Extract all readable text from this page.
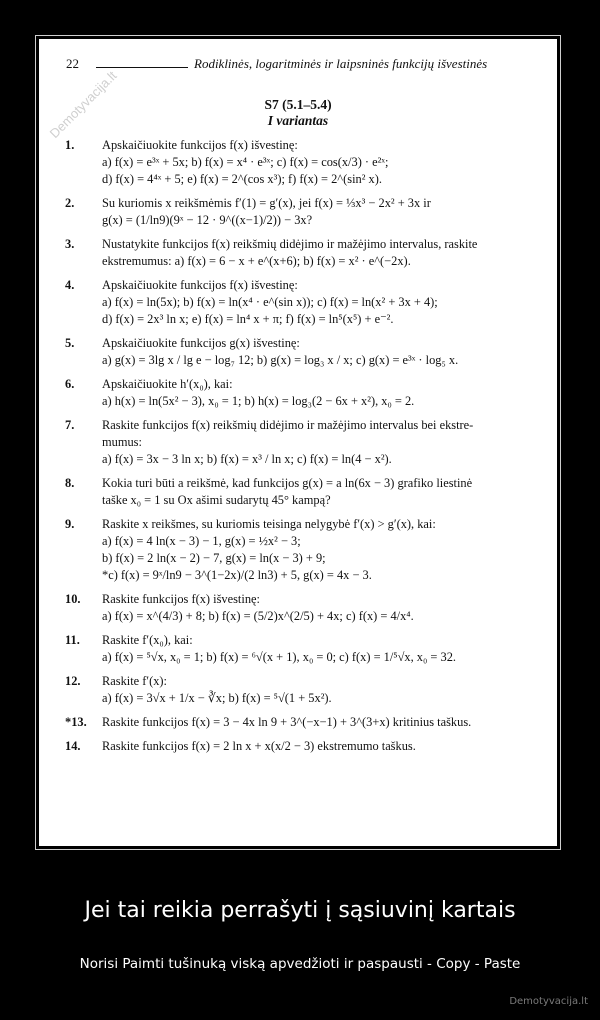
Demotyvacija.lt
22	Rodiklinės, logaritminės ir laipsninės funkcijų išvestinės
S7 (5.1–5.4)
I variantas
1.	Apskaičiuokite funkcijos f(x) išvestinę:
a) f(x) = e³ˣ + 5x; b) f(x) = x⁴ · e³ˣ; c) f(x) = cos(x/3) · e²ˣ;
d) f(x) = 4⁴ˣ + 5; e) f(x) = 2^(cos x³); f) f(x) = 2^(sin² x).
2.	Su kuriomis x reikšmėmis f′(1) = g′(x), jei f(x) = ⅓x³ − 2x² + 3x ir
g(x) = (1/ln9)(9ˣ − 12 · 9^((x−1)/2)) − 3x?
3.	Nustatykite funkcijos f(x) reikšmių didėjimo ir mažėjimo intervalus, raskite
ekstremumus: a) f(x) = 6 − x + e^(x+6); b) f(x) = x² · e^(−2x).
4.	Apskaičiuokite funkcijos f(x) išvestinę:
a) f(x) = ln(5x); b) f(x) = ln(x⁴ · e^(sin x)); c) f(x) = ln(x² + 3x + 4);
d) f(x) = 2x³ ln x; e) f(x) = ln⁴ x + π; f) f(x) = ln⁵(x⁵) + e⁻².
5.	Apskaičiuokite funkcijos g(x) išvestinę:
a) g(x) = 3lg x / lg e − log₇ 12; b) g(x) = log₃ x / x; c) g(x) = e³ˣ · log₅ x.
6.	Apskaičiuokite h′(x₀), kai:
a) h(x) = ln(5x² − 3), x₀ = 1; b) h(x) = log₃(2 − 6x + x²), x₀ = 2.
7.	Raskite funkcijos f(x) reikšmių didėjimo ir mažėjimo intervalus bei ekstre-
mumus:
a) f(x) = 3x − 3 ln x; b) f(x) = x³ / ln x; c) f(x) = ln(4 − x²).
8.	Kokia turi būti a reikšmė, kad funkcijos g(x) = a ln(6x − 3) grafiko liestinė
taške x₀ = 1 su Ox ašimi sudarytų 45° kampą?
9.	Raskite x reikšmes, su kuriomis teisinga nelygybė f′(x) > g′(x), kai:
a) f(x) = 4 ln(x − 3) − 1, g(x) = ½x² − 3;
b) f(x) = 2 ln(x − 2) − 7, g(x) = ln(x − 3) + 9;
*c) f(x) = 9ˣ/ln9 − 3^(1−2x)/(2 ln3) + 5, g(x) = 4x − 3.
10.	Raskite funkcijos f(x) išvestinę:
a) f(x) = x^(4/3) + 8; b) f(x) = (5/2)x^(2/5) + 4x; c) f(x) = 4/x⁴.
11.	Raskite f′(x₀), kai:
a) f(x) = ⁵√x, x₀ = 1; b) f(x) = ⁶√(x + 1), x₀ = 0; c) f(x) = 1/⁵√x, x₀ = 32.
12.	Raskite f′(x):
a) f(x) = 3√x + 1/x − ∛x; b) f(x) = ⁵√(1 + 5x²).
*13.	Raskite funkcijos f(x) = 3 − 4x ln 9 + 3^(−x−1) + 3^(3+x) kritinius taškus.
14.	Raskite funkcijos f(x) = 2 ln x + x(x/2 − 3) ekstremumo taškus.
Jei tai reikia perrašyti į sąsiuvinį kartais
Norisi Paimti tušinuką viską apvedžioti ir paspausti - Copy - Paste
Demotyvacija.lt
